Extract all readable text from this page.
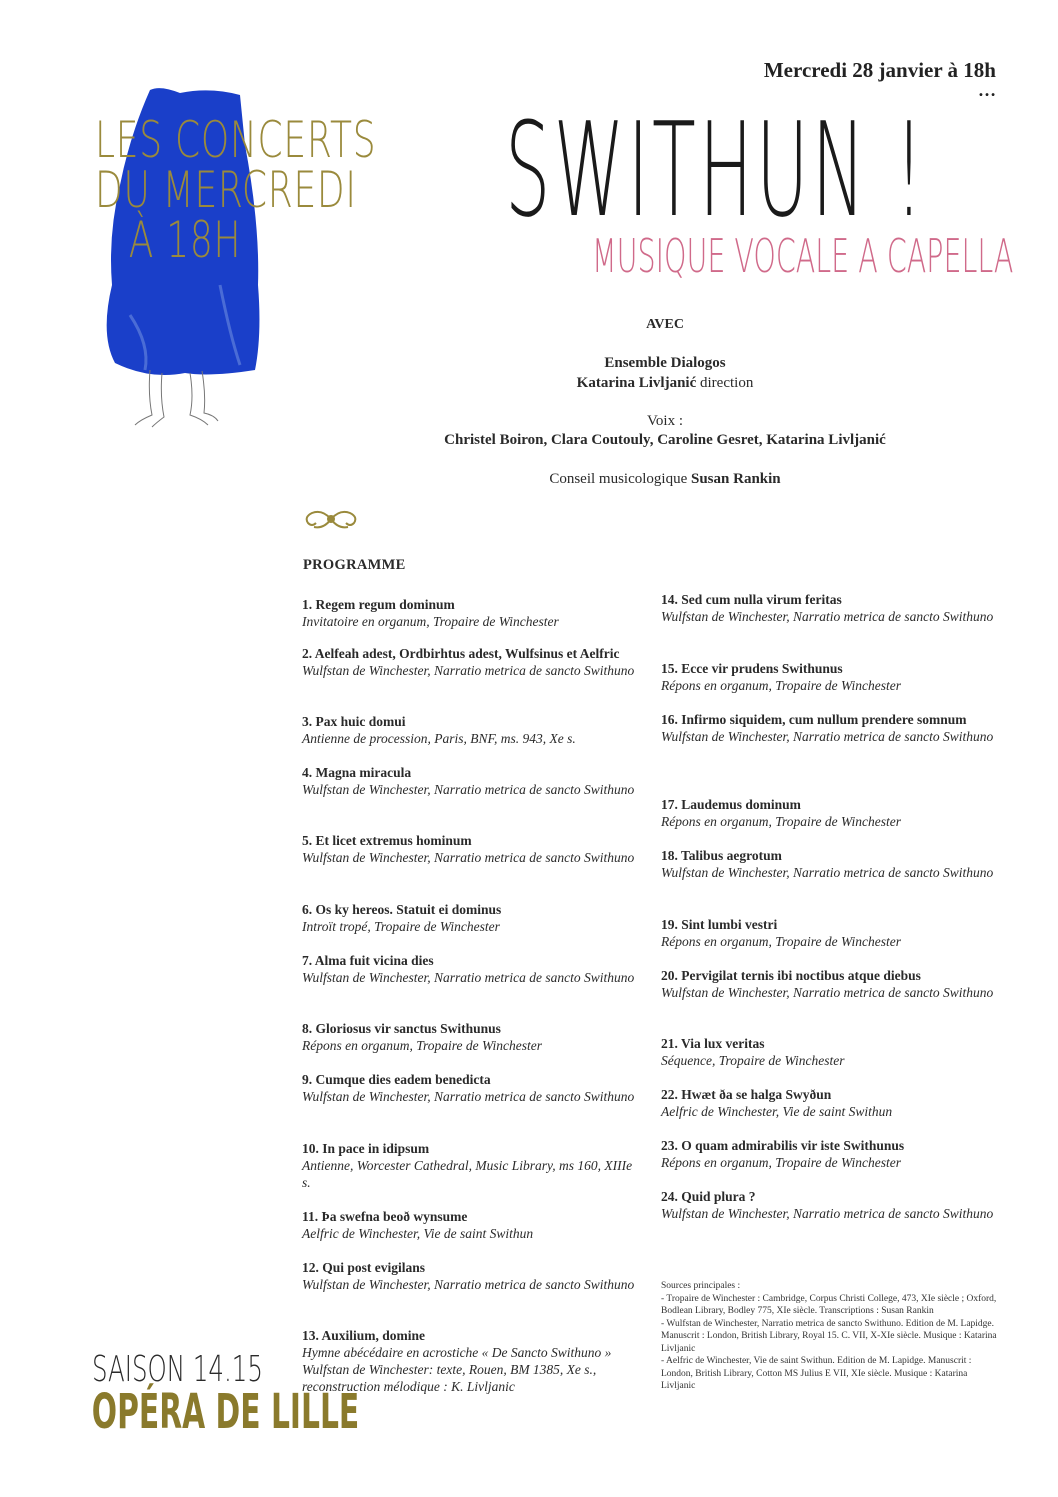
LES CONCERTS
DU MERCREDI
À 18H
Mercredi 28 janvier à 18h
…
SWITHUN !
MUSIQUE VOCALE A CAPELLA
AVEC
Ensemble Dialogos
Katarina Livljanić direction
Voix :
Christel Boiron, Clara Coutouly, Caroline Gesret, Katarina Livljanić
Conseil musicologique Susan Rankin
PROGRAMME
1. Regem regum dominum
Invitatoire en organum, Tropaire de Winchester
2. Aelfeah adest, Ordbirhtus adest, Wulfsinus et Aelfric
Wulfstan de Winchester, Narratio metrica de sancto Swithuno
3. Pax huic domui
Antienne de procession, Paris, BNF, ms. 943, Xe s.
4. Magna miracula
Wulfstan de Winchester, Narratio metrica de sancto Swithuno
5. Et licet extremus hominum
Wulfstan de Winchester, Narratio metrica de sancto Swithuno
6. Os ky hereos. Statuit ei dominus
Introït tropé, Tropaire de Winchester
7. Alma fuit vicina dies
Wulfstan de Winchester, Narratio metrica de sancto Swithuno
8. Gloriosus vir sanctus Swithunus
Répons en organum, Tropaire de Winchester
9. Cumque dies eadem benedicta
Wulfstan de Winchester, Narratio metrica de sancto Swithuno
10. In pace in idipsum
Antienne, Worcester Cathedral, Music Library, ms 160, XIIIe s.
11. Þa swefna beoð wynsume
Aelfric de Winchester, Vie de saint Swithun
12. Qui post evigilans
Wulfstan de Winchester, Narratio metrica de sancto Swithuno
13. Auxilium, domine
Hymne abécédaire en acrostiche « De Sancto Swithuno » Wulfstan de Winchester: texte, Rouen, BM 1385, Xe s., reconstruction mélodique : K. Livljanic
14. Sed cum nulla virum feritas
Wulfstan de Winchester, Narratio metrica de sancto Swithuno
15. Ecce vir prudens Swithunus
Répons en organum, Tropaire de Winchester
16. Infirmo siquidem, cum nullum prendere somnum
Wulfstan de Winchester, Narratio metrica de sancto Swithuno
17. Laudemus dominum
Répons en organum, Tropaire de Winchester
18. Talibus aegrotum
Wulfstan de Winchester, Narratio metrica de sancto Swithuno
19. Sint lumbi vestri
Répons en organum, Tropaire de Winchester
20. Pervigilat ternis ibi noctibus atque diebus
Wulfstan de Winchester, Narratio metrica de sancto Swithuno
21. Via lux veritas
Séquence, Tropaire de Winchester
22. Hwæt ða se halga Swyðun
Aelfric de Winchester, Vie de saint Swithun
23. O quam admirabilis vir iste Swithunus
Répons en organum, Tropaire de Winchester
24. Quid plura ?
Wulfstan de Winchester, Narratio metrica de sancto Swithuno
Sources principales :
- Tropaire de Winchester : Cambridge, Corpus Christi College, 473, XIe siècle ; Oxford, Bodlean Library, Bodley 775, XIe siècle. Transcriptions : Susan Rankin
- Wulfstan de Winchester, Narratio metrica de sancto Swithuno. Edition de M. Lapidge. Manuscrit : London, British Library, Royal 15. C. VII, X-XIe siècle. Musique : Katarina Livljanic
- Aelfric de Winchester, Vie de saint Swithun. Edition de M. Lapidge. Manuscrit : London, British Library, Cotton MS Julius E VII, XIe siècle. Musique : Katarina Livljanic
SAISON 14.15
OPÉRA DE LILLE
